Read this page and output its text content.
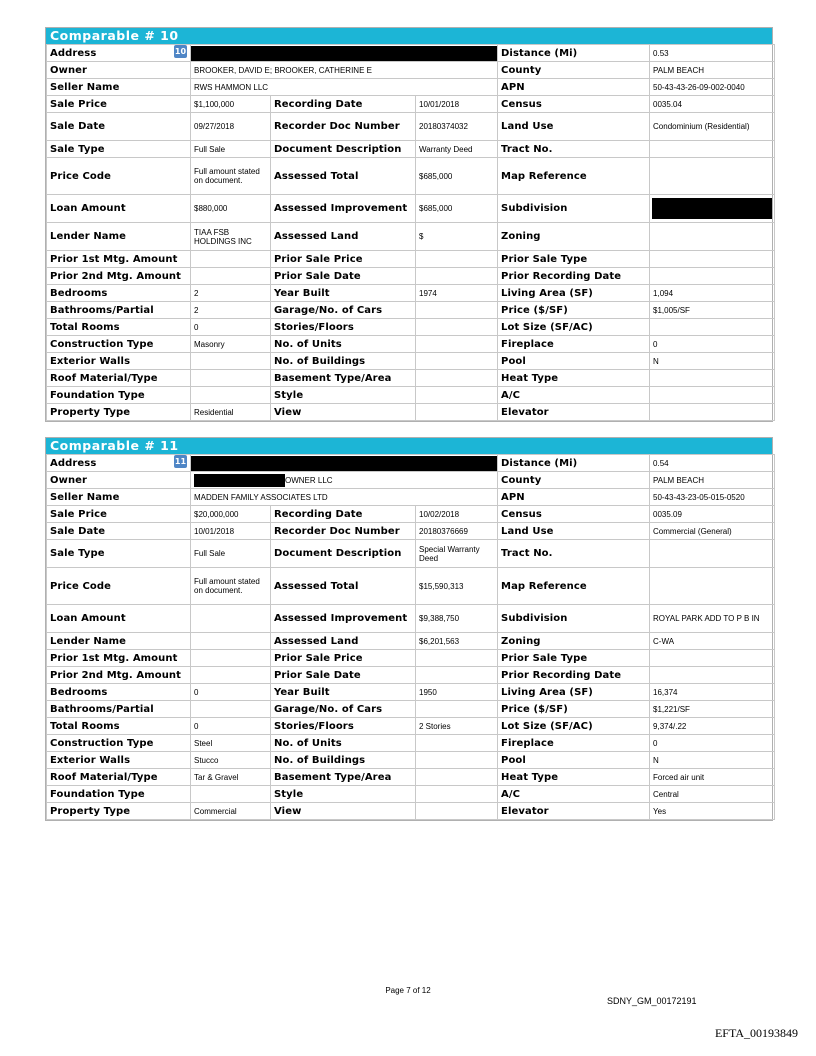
Comparable # 10
Address				Distance (Mi)	0.53
Owner	BROOKER, DAVID E; BROOKER, CATHERINE E			County	PALM BEACH
Seller Name	RWS HAMMON LLC			APN	50-43-43-26-09-002-0040
Sale Price	$1,100,000	Recording Date	10/01/2018	Census	0035.04
Sale Date	09/27/2018	Recorder Doc Number	20180374032	Land Use	Condominium (Residential)
Sale Type	Full Sale	Document Description	Warranty Deed	Tract No.	
Price Code	Full amount stated on document.	Assessed Total	$685,000	Map Reference	
Loan Amount	$880,000	Assessed Improvement	$685,000	Subdivision	

Lender Name	TIAA FSB HOLDINGS INC	Assessed Land	$	Zoning	
Prior 1st Mtg. Amount		Prior Sale Price		Prior Sale Type	
Prior 2nd Mtg. Amount		Prior Sale Date		Prior Recording Date	
Bedrooms	2	Year Built	1974	Living Area (SF)	1,094
Bathrooms/Partial	2	Garage/No. of Cars		Price ($/SF)	$1,005/SF
Total Rooms	0	Stories/Floors		Lot Size (SF/AC)	
Construction Type	Masonry	No. of Units		Fireplace	0
Exterior Walls		No. of Buildings		Pool	N
Roof Material/Type		Basement Type/Area		Heat Type	
Foundation Type		Style		A/C	
Property Type	Residential	View		Elevator	
10
Comparable # 11
Address				Distance (Mi)	0.54
Owner	OWNER LLC			County	PALM BEACH
Seller Name	MADDEN FAMILY ASSOCIATES LTD			APN	50-43-43-23-05-015-0520
Sale Price	$20,000,000	Recording Date	10/02/2018	Census	0035.09
Sale Date	10/01/2018	Recorder Doc Number	20180376669	Land Use	Commercial (General)
Sale Type	Full Sale	Document Description	Special Warranty Deed	Tract No.	
Price Code	Full amount stated on document.	Assessed Total	$15,590,313	Map Reference	
Loan Amount		Assessed Improvement	$9,388,750	Subdivision	ROYAL PARK ADD TO P B IN
Lender Name		Assessed Land	$6,201,563	Zoning	C-WA
Prior 1st Mtg. Amount		Prior Sale Price		Prior Sale Type	
Prior 2nd Mtg. Amount		Prior Sale Date		Prior Recording Date	
Bedrooms	0	Year Built	1950	Living Area (SF)	16,374
Bathrooms/Partial		Garage/No. of Cars		Price ($/SF)	$1,221/SF
Total Rooms	0	Stories/Floors	2 Stories	Lot Size (SF/AC)	9,374/.22
Construction Type	Steel	No. of Units		Fireplace	0
Exterior Walls	Stucco	No. of Buildings		Pool	N
Roof Material/Type	Tar & Gravel	Basement Type/Area		Heat Type	Forced air unit
Foundation Type		Style		A/C	Central
Property Type	Commercial	View		Elevator	Yes
11
Page 7 of 12
SDNY_GM_00172191
EFTA_00193849
